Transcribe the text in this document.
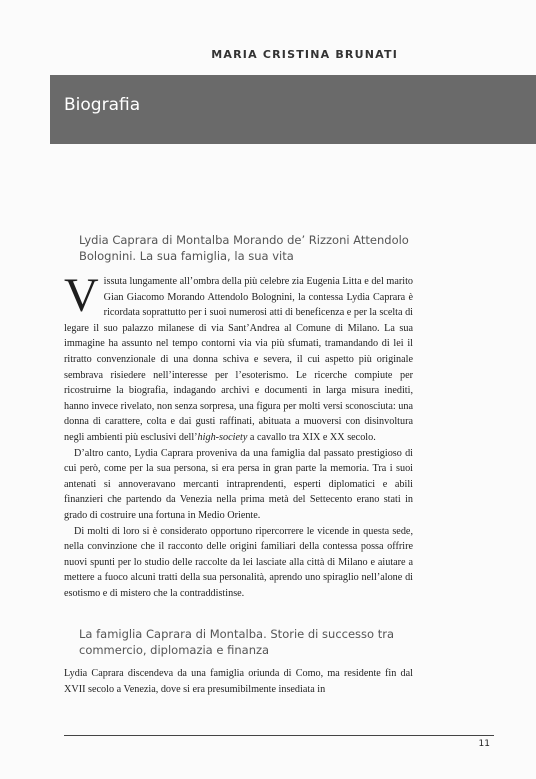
MARIA CRISTINA BRUNATI
Biografia
Lydia Caprara di Montalba Morando de’ Rizzoni Attendolo Bolognini. La sua famiglia, la sua vita

Vissuta lungamente all’ombra della più celebre zia Eugenia Litta e del marito Gian Giacomo Morando Attendolo Bolognini, la contessa Lydia Caprara è ricordata soprattutto per i suoi numerosi atti di beneficenza e per la scelta di legare il suo palazzo milanese di via Sant’Andrea al Comune di Milano. La sua immagine ha assunto nel tempo contorni via via più sfumati, tramandando di lei il ritratto convenzionale di una donna schiva e severa, il cui aspetto più originale sembrava risiedere nell’interesse per l’esoterismo. Le ricerche compiute per ricostruirne la biografia, indagando archivi e documenti in larga misura inediti, hanno invece rivelato, non senza sorpresa, una figura per molti versi sconosciuta: una donna di carattere, colta e dai gusti raffinati, abituata a muoversi con disinvoltura negli ambienti più esclusivi dell’high-society a cavallo tra XIX e XX secolo.

D’altro canto, Lydia Caprara proveniva da una famiglia dal passato prestigioso di cui però, come per la sua persona, si era persa in gran parte la memoria. Tra i suoi antenati si annoveravano mercanti intraprendenti, esperti diplomatici e abili finanzieri che partendo da Venezia nella prima metà del Settecento erano stati in grado di costruire una fortuna in Medio Oriente.

Di molti di loro si è considerato opportuno ripercorrere le vicende in questa sede, nella convinzione che il racconto delle origini familiari della contessa possa offrire nuovi spunti per lo studio delle raccolte da lei lasciate alla città di Milano e aiutare a mettere a fuoco alcuni tratti della sua personalità, aprendo uno spiraglio nell’alone di esotismo e di mistero che la contraddistinse.

La famiglia Caprara di Montalba. Storie di successo tra commercio, diplomazia e finanza

Lydia Caprara discendeva da una famiglia oriunda di Como, ma residente fin dal XVII secolo a Venezia, dove si era presumibilmente insediata in

11
